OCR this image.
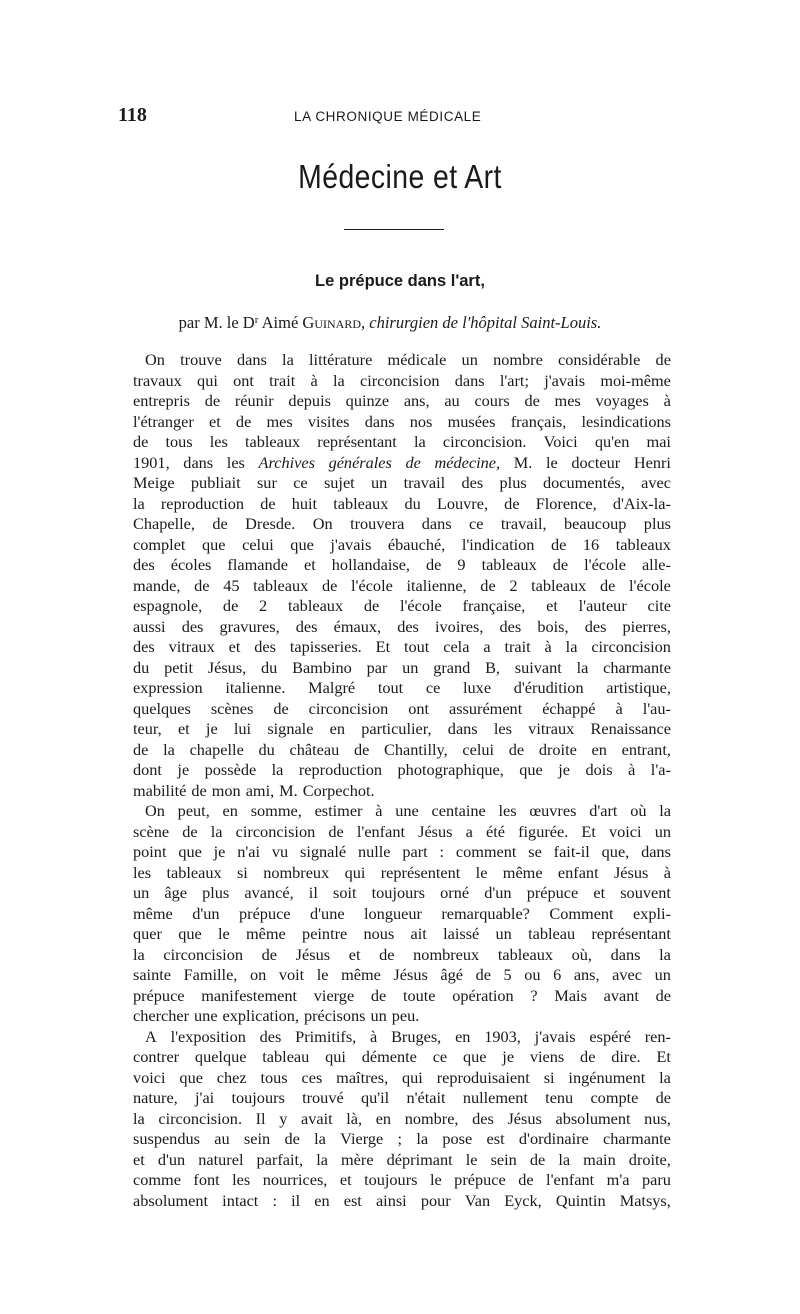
118	LA CHRONIQUE MÉDICALE
Médecine et Art
Le prépuce dans l'art,
par M. le $D^r$ Aimé Guinard, chirurgien de l'hôpital Saint-Louis.
On trouve dans la littérature médicale un nombre considérable de
travaux qui ont trait à la circoncision dans l'art; j'avais moi-même
entrepris de réunir depuis quinze ans, au cours de mes voyages à
l'étranger et de mes visites dans nos musées français, lesindications
de tous les tableaux représentant la circoncision. Voici qu'en mai
1901, dans les Archives générales de médecine, M. le docteur Henri
Meige publiait sur ce sujet un travail des plus documentés, avec
la reproduction de huit tableaux du Louvre, de Florence, d'Aix-la-
Chapelle, de Dresde. On trouvera dans ce travail, beaucoup plus
complet que celui que j'avais ébauché, l'indication de 16 tableaux
des écoles flamande et hollandaise, de 9 tableaux de l'école alle-
mande, de 45 tableaux de l'école italienne, de 2 tableaux de l'école
espagnole, de 2 tableaux de l'école française, et l'auteur cite
aussi des gravures, des émaux, des ivoires, des bois, des pierres,
des vitraux et des tapisseries. Et tout cela a trait à la circoncision
du petit Jésus, du Bambino par un grand B, suivant la charmante
expression italienne. Malgré tout ce luxe d'érudition artistique,
quelques scènes de circoncision ont assurément échappé à l'au-
teur, et je lui signale en particulier, dans les vitraux Renaissance
de la chapelle du château de Chantilly, celui de droite en entrant,
dont je possède la reproduction photographique, que je dois à l'a-
mabilité de mon ami, M. Corpechot.
On peut, en somme, estimer à une centaine les œuvres d'art où la
scène de la circoncision de l'enfant Jésus a été figurée. Et voici un
point que je n'ai vu signalé nulle part : comment se fait-il que, dans
les tableaux si nombreux qui représentent le même enfant Jésus à
un âge plus avancé, il soit toujours orné d'un prépuce et souvent
même d'un prépuce d'une longueur remarquable? Comment expli-
quer que le même peintre nous ait laissé un tableau représentant
la circoncision de Jésus et de nombreux tableaux où, dans la
sainte Famille, on voit le même Jésus âgé de 5 ou 6 ans, avec un
prépuce manifestement vierge de toute opération ? Mais avant de
chercher une explication, précisons un peu.
A l'exposition des Primitifs, à Bruges, en 1903, j'avais espéré ren-
contrer quelque tableau qui démente ce que je viens de dire. Et
voici que chez tous ces maîtres, qui reproduisaient si ingénument la
nature, j'ai toujours trouvé qu'il n'était nullement tenu compte de
la circoncision. Il y avait là, en nombre, des Jésus absolument nus,
suspendus au sein de la Vierge ; la pose est d'ordinaire charmante
et d'un naturel parfait, la mère déprimant le sein de la main droite,
comme font les nourrices, et toujours le prépuce de l'enfant m'a paru
absolument intact : il en est ainsi pour Van Eyck, Quintin Matsys,
